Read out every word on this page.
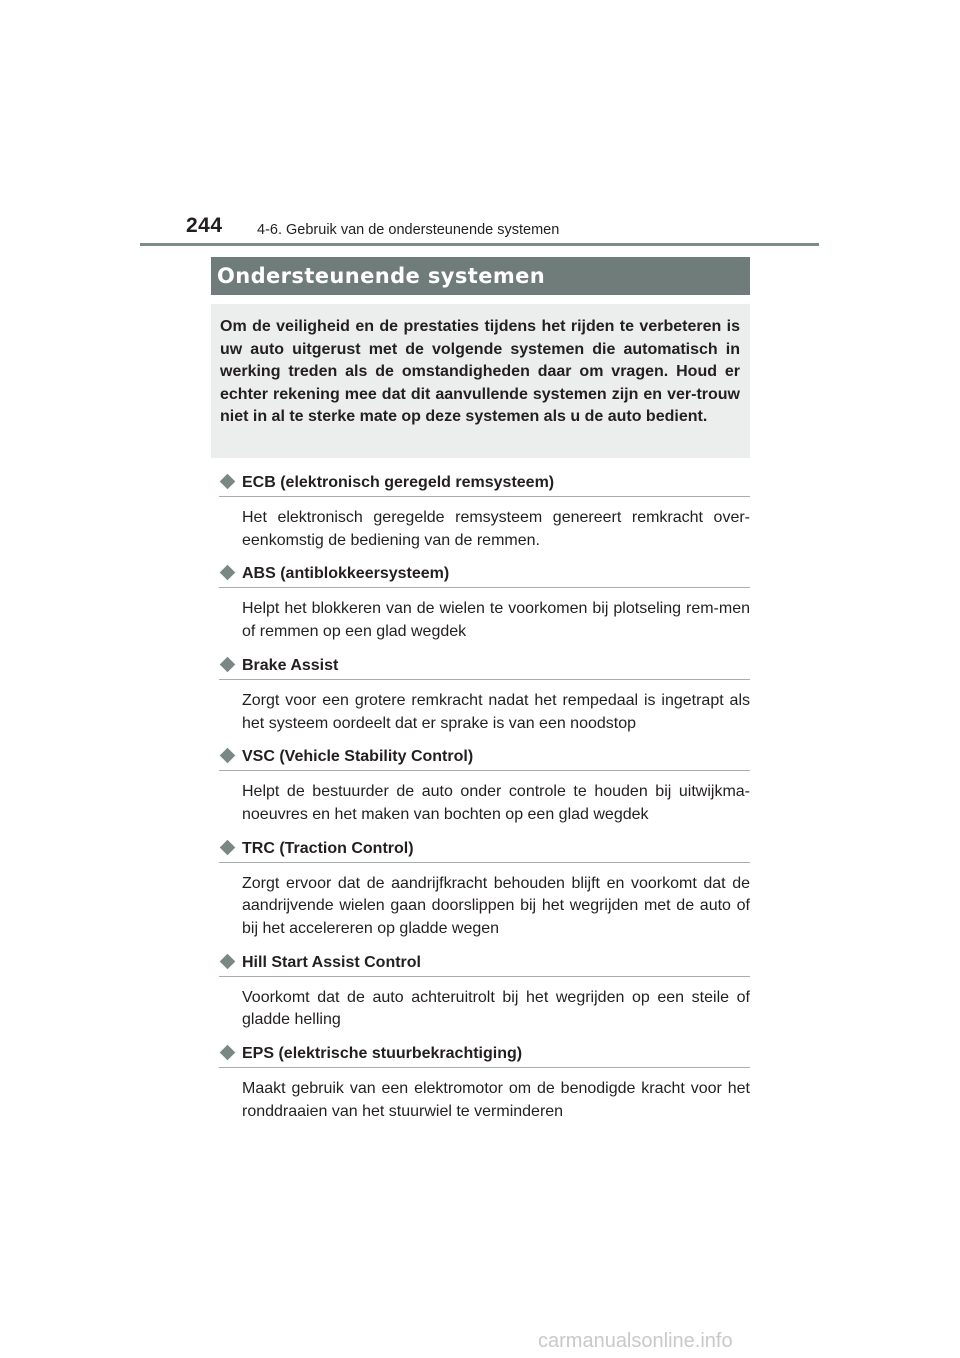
244 4-6. Gebruik van de ondersteunende systemen
Ondersteunende systemen

Om de veiligheid en de prestaties tijdens het rijden te verbeteren is uw auto uitgerust met de volgende systemen die automatisch in werking treden als de omstandigheden daar om vragen. Houd er echter rekening mee dat dit aanvullende systemen zijn en ver-trouw niet in al te sterke mate op deze systemen als u de auto bedient.

ECB (elektronisch geregeld remsysteem)

Het elektronisch geregelde remsysteem genereert remkracht over-eenkomstig de bediening van de remmen.

ABS (antiblokkeersysteem)

Helpt het blokkeren van de wielen te voorkomen bij plotseling rem-men of remmen op een glad wegdek

Brake Assist

Zorgt voor een grotere remkracht nadat het rempedaal is ingetrapt als het systeem oordeelt dat er sprake is van een noodstop

VSC (Vehicle Stability Control)

Helpt de bestuurder de auto onder controle te houden bij uitwijkma-noeuvres en het maken van bochten op een glad wegdek

TRC (Traction Control)

Zorgt ervoor dat de aandrijfkracht behouden blijft en voorkomt dat de aandrijvende wielen gaan doorslippen bij het wegrijden met de auto of bij het accelereren op gladde wegen

Hill Start Assist Control

Voorkomt dat de auto achteruitrolt bij het wegrijden op een steile of gladde helling

EPS (elektrische stuurbekrachtiging)

Maakt gebruik van een elektromotor om de benodigde kracht voor het ronddraaien van het stuurwiel te verminderen

carmanualsonline.info
